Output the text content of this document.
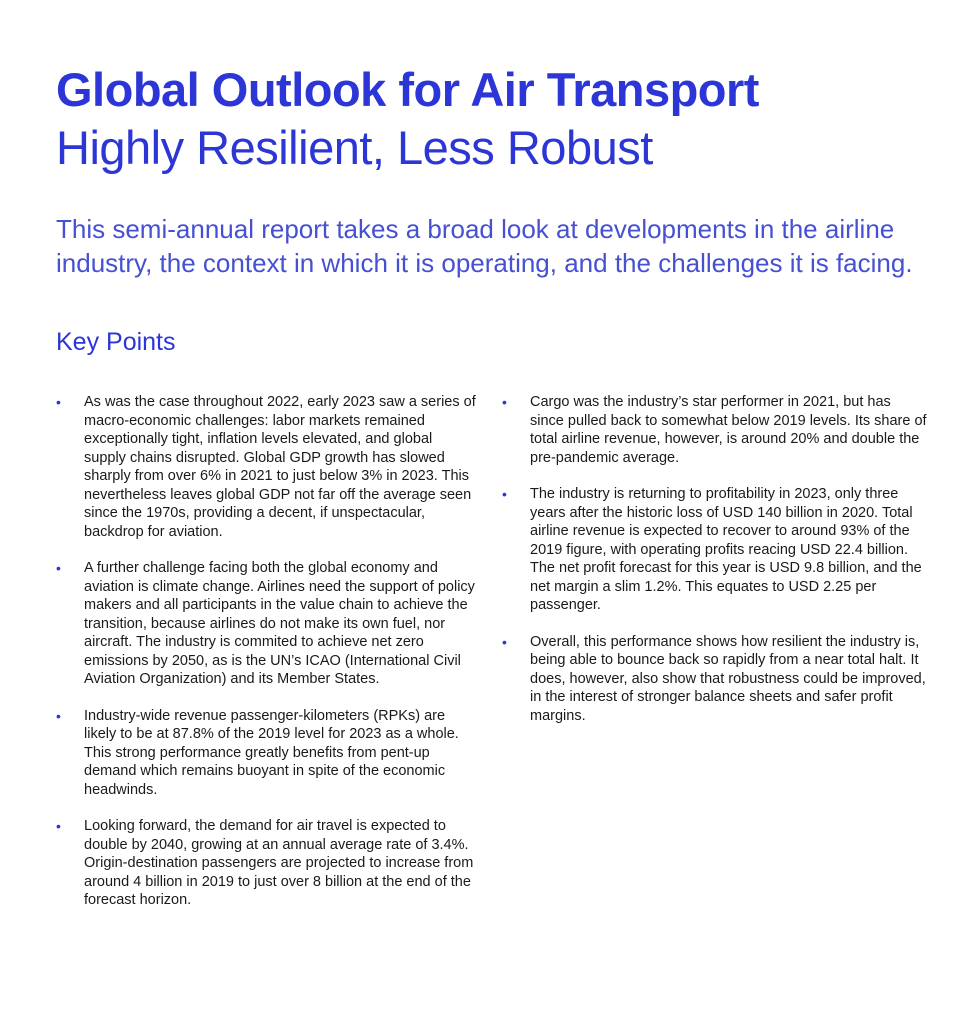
Global Outlook for Air Transport
Highly Resilient, Less Robust

This semi-annual report takes a broad look at developments in the airline industry, the context in which it is operating, and the challenges it is facing.

Key Points
• As was the case throughout 2022, early 2023 saw a series of macro-economic challenges: labor markets remained exceptionally tight, inflation levels elevated, and global supply chains disrupted. Global GDP growth has slowed sharply from over 6% in 2021 to just below 3% in 2023. This nevertheless leaves global GDP not far off the average seen since the 1970s, providing a decent, if unspectacular, backdrop for aviation.
• A further challenge facing both the global economy and aviation is climate change. Airlines need the support of policy makers and all participants in the value chain to achieve the transition, because airlines do not make its own fuel, nor aircraft. The industry is commited to achieve net zero emissions by 2050, as is the UN’s ICAO (International Civil Aviation Organization) and its Member States.
• Industry-wide revenue passenger-kilometers (RPKs) are likely to be at 87.8% of the 2019 level for 2023 as a whole. This strong performance greatly benefits from pent-up demand which remains buoyant in spite of the economic headwinds.
• Looking forward, the demand for air travel is expected to double by 2040, growing at an annual average rate of 3.4%. Origin-destination passengers are projected to increase from around 4 billion in 2019 to just over 8 billion at the end of the forecast horizon.
• Cargo was the industry’s star performer in 2021, but has since pulled back to somewhat below 2019 levels. Its share of total airline revenue, however, is around 20% and double the pre-pandemic average.
• The industry is returning to profitability in 2023, only three years after the historic loss of USD 140 billion in 2020. Total airline revenue is expected to recover to around 93% of the 2019 figure, with operating profits reacing USD 22.4 billion. The net profit forecast for this year is USD 9.8 billion, and the net margin a slim 1.2%. This equates to USD 2.25 per passenger.
• Overall, this performance shows how resilient the industry is, being able to bounce back so rapidly from a near total halt. It does, however, also show that robustness could be improved, in the interest of stronger balance sheets and safer profit margins.
